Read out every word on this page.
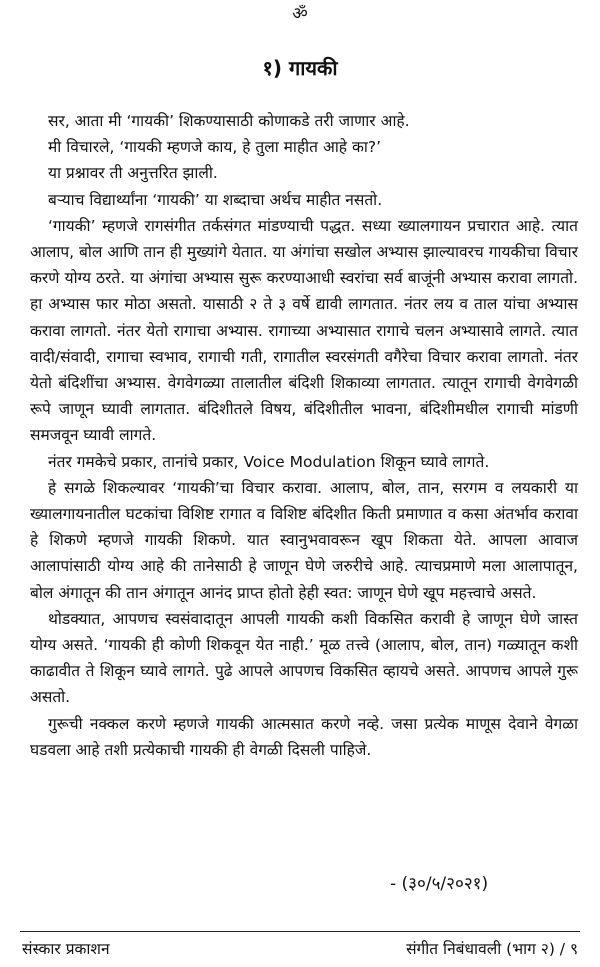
ॐ
१) गायकी

सर, आता मी ‘गायकी’ शिकण्यासाठी कोणाकडे तरी जाणार आहे.

मी विचारले, ‘गायकी म्हणजे काय, हे तुला माहीत आहे का?’

या प्रश्नावर ती अनुत्तरित झाली.

बऱ्याच विद्यार्थ्यांना ‘गायकी’ या शब्दाचा अर्थच माहीत नसतो.

‘गायकी’ म्हणजे रागसंगीत तर्कसंगत मांडण्याची पद्धत. सध्या ख्यालगायन प्रचारात आहे. त्यात आलाप, बोल आणि तान ही मुख्यांगे येतात. या अंगांचा सखोल अभ्यास झाल्यावरच गायकीचा विचार करणे योग्य ठरते. या अंगांचा अभ्यास सुरू करण्याआधी स्वरांचा सर्व बाजूंनी अभ्यास करावा लागतो. हा अभ्यास फार मोठा असतो. यासाठी २ ते ३ वर्षे द्यावी लागतात. नंतर लय व ताल यांचा अभ्यास करावा लागतो. नंतर येतो रागाचा अभ्यास. रागाच्या अभ्यासात रागाचे चलन अभ्यासावे लागते. त्यात वादी/संवादी, रागाचा स्वभाव, रागाची गती, रागातील स्वरसंगती वगैरेचा विचार करावा लागतो. नंतर येतो बंदिशींचा अभ्यास. वेगवेगळ्या तालातील बंदिशी शिकाव्या लागतात. त्यातून रागाची वेगवेगळी रूपे जाणून घ्यावी लागतात. बंदिशीतले विषय, बंदिशीतील भावना, बंदिशीमधील रागाची मांडणी समजवून घ्यावी लागते.

नंतर गमकेचे प्रकार, तानांचे प्रकार, Voice Modulation शिकून घ्यावे लागते.

हे सगळे शिकल्यावर ‘गायकी’चा विचार करावा. आलाप, बोल, तान, सरगम व लयकारी या ख्यालगायनातील घटकांचा विशिष्ट रागात व विशिष्ट बंदिशीत किती प्रमाणात व कसा अंतर्भाव करावा हे शिकणे म्हणजे गायकी शिकणे. यात स्वानुभवावरून खूप शिकता येते. आपला आवाज आलापांसाठी योग्य आहे की तानेसाठी हे जाणून घेणे जरुरीचे आहे. त्याचप्रमाणे मला आलापातून, बोल अंगातून की तान अंगातून आनंद प्राप्त होतो हेही स्वत: जाणून घेणे खूप महत्त्वाचे असते.

थोडक्यात, आपणच स्वसंवादातून आपली गायकी कशी विकसित करावी हे जाणून घेणे जास्त योग्य असते. ‘गायकी ही कोणी शिकवून येत नाही.’ मूळ तत्त्वे (आलाप, बोल, तान) गळ्यातून कशी काढावीत ते शिकून घ्यावे लागते. पुढे आपले आपणच विकसित व्हायचे असते. आपणच आपले गुरू असतो.

गुरूची नक्कल करणे म्हणजे गायकी आत्मसात करणे नव्हे. जसा प्रत्येक माणूस देवाने वेगळा घडवला आहे तशी प्रत्येकाची गायकी ही वेगळी दिसली पाहिजे.

- (३०/५/२०२१)
संस्कार प्रकाशन	संगीत निबंधावली (भाग २) / ९
